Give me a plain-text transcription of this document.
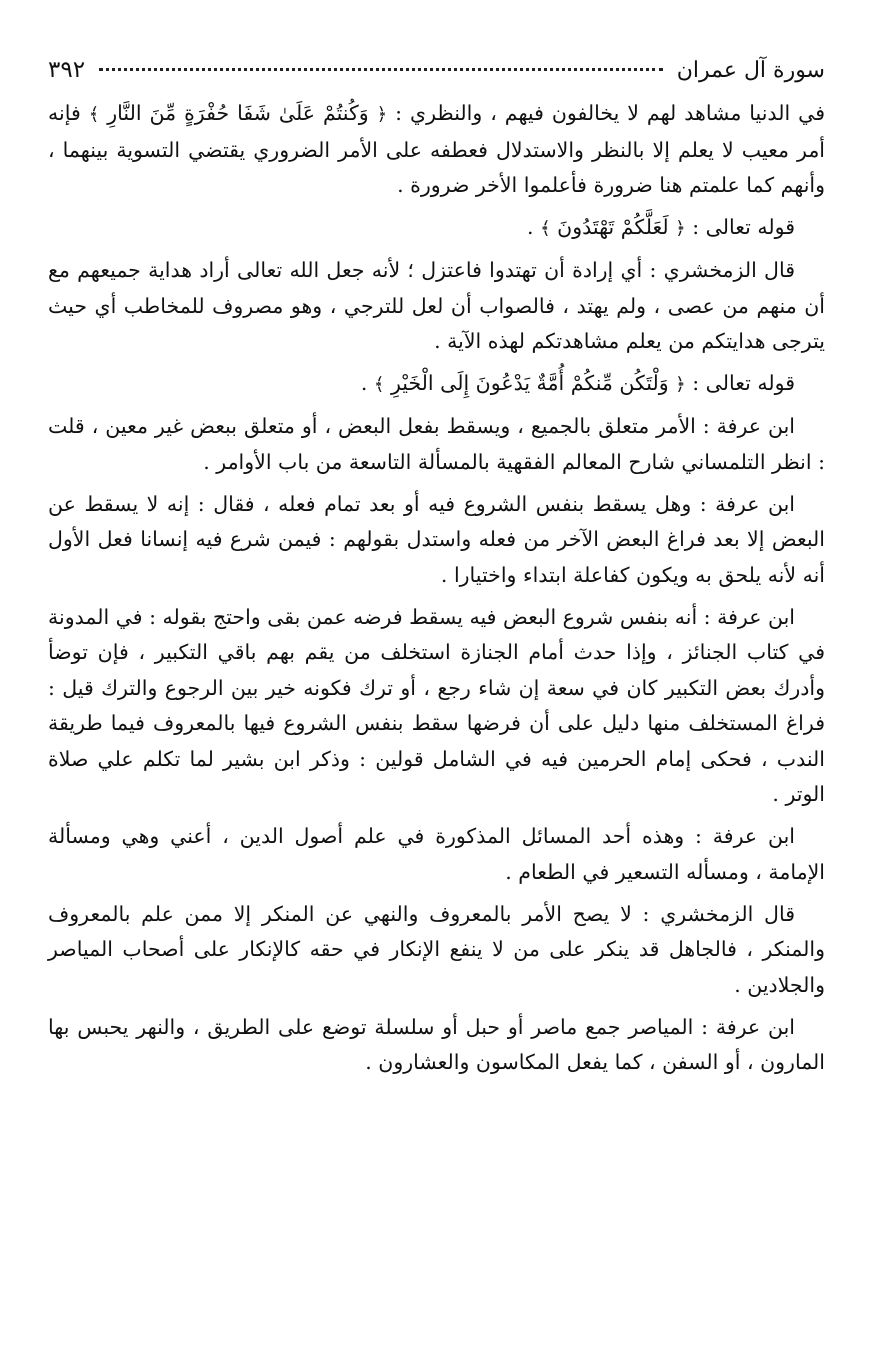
سورة آل عمران
٣٩٢

في الدنيا مشاهد لهم لا يخالفون فيهم ، والنظري : ﴿ وَكُنتُمْ عَلَىٰ شَفَا حُفْرَةٍ مِّنَ النَّارِ ﴾ فإنه أمر معيب لا يعلم إلا بالنظر والاستدلال فعطفه على الأمر الضروري يقتضي التسوية بينهما ، وأنهم كما علمتم هنا ضرورة فأعلموا الأخر ضرورة .

قوله تعالى : ﴿ لَعَلَّكُمْ تَهْتَدُونَ ﴾ .

قال الزمخشري : أي إرادة أن تهتدوا فاعتزل ؛ لأنه جعل الله تعالى أراد هداية جميعهم مع أن منهم من عصى ، ولم يهتد ، فالصواب أن لعل للترجي ، وهو مصروف للمخاطب أي حيث يترجى هدايتكم من يعلم مشاهدتكم لهذه الآية .

قوله تعالى : ﴿ وَلْتَكُن مِّنكُمْ أُمَّةٌ يَدْعُونَ إِلَى الْخَيْرِ ﴾ .

ابن عرفة : الأمر متعلق بالجميع ، ويسقط بفعل البعض ، أو متعلق ببعض غير معين ، قلت : انظر التلمساني شارح المعالم الفقهية بالمسألة التاسعة من باب الأوامر .

ابن عرفة : وهل يسقط بنفس الشروع فيه أو بعد تمام فعله ، فقال : إنه لا يسقط عن البعض إلا بعد فراغ البعض الآخر من فعله واستدل بقولهم : فيمن شرع فيه إنسانا فعل الأول أنه لأنه يلحق به ويكون كفاعلة ابتداء واختيارا .

ابن عرفة : أنه بنفس شروع البعض فيه يسقط فرضه عمن بقى واحتج بقوله : في المدونة في كتاب الجنائز ، وإذا حدث أمام الجنازة استخلف من يقم بهم باقي التكبير ، فإن توضأ وأدرك بعض التكبير كان في سعة إن شاء رجع ، أو ترك فكونه خير بين الرجوع والترك قيل : فراغ المستخلف منها دليل على أن فرضها سقط بنفس الشروع فيها بالمعروف فيما طريقة الندب ، فحكى إمام الحرمين فيه في الشامل قولين : وذكر ابن بشير لما تكلم علي صلاة الوتر .

ابن عرفة : وهذه أحد المسائل المذكورة في علم أصول الدين ، أعني وهي ومسألة الإمامة ، ومسأله التسعير في الطعام .

قال الزمخشري : لا يصح الأمر بالمعروف والنهي عن المنكر إلا ممن علم بالمعروف والمنكر ، فالجاهل قد ينكر على من لا ينفع الإنكار في حقه كالإنكار على أصحاب المياصر والجلادين .

ابن عرفة : المياصر جمع ماصر أو حبل أو سلسلة توضع على الطريق ، والنهر يحبس بها المارون ، أو السفن ، كما يفعل المكاسون والعشارون .
